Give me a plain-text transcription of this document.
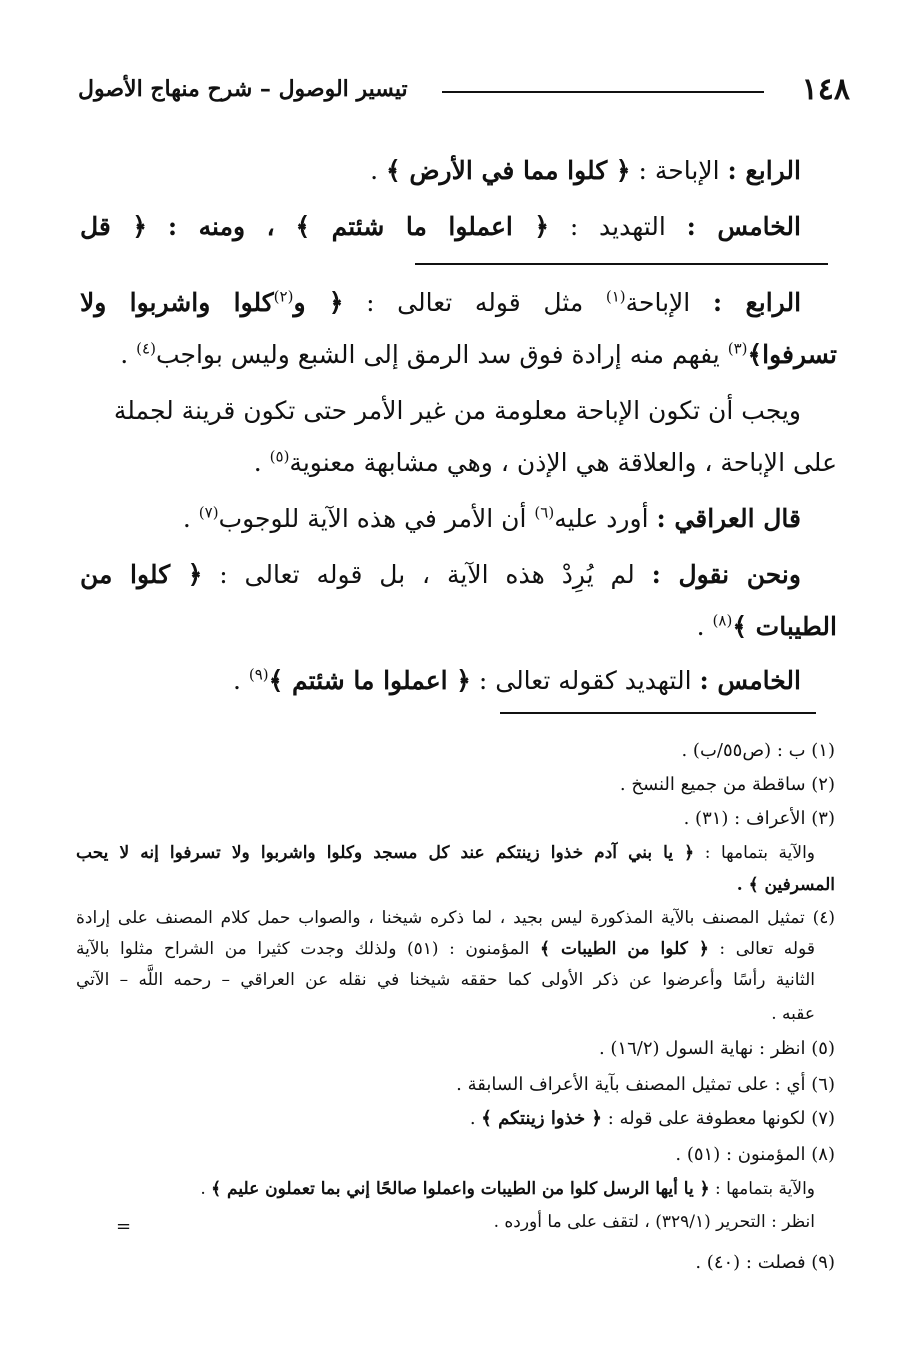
١٤٨
تيسير الوصول – شرح منهاج الأصول
الرابع : الإباحة : ﴿ كلوا مما في الأرض ﴾ .
الخامس : التهديد : ﴿ اعملوا ما شئتم ﴾ ، ومنه : ﴿ قل
الرابع : الإباحة$^{(١)}$ مثل قوله تعالى : ﴿ و$^{(٢)}$كلوا واشربوا ولا
تسرفوا﴾$^{(٣)}$ يفهم منه إرادة فوق سد الرمق إلى الشبع وليس بواجب$^{(٤)}$ .
ويجب أن تكون الإباحة معلومة من غير الأمر حتى تكون قرينة لجملة
على الإباحة ، والعلاقة هي الإذن ، وهي مشابهة معنوية$^{(٥)}$ .
قال العراقي : أورد عليه$^{(٦)}$ أن الأمر في هذه الآية للوجوب$^{(٧)}$ .
ونحن نقول : لم يُرِدْ هذه الآية ، بل قوله تعالى : ﴿ كلوا من
الطيبات ﴾$^{(٨)}$ .
الخامس : التهديد كقوله تعالى : ﴿ اعملوا ما شئتم ﴾$^{(٩)}$ .
(١) ب : (ص٥٥/ب) .
(٢) ساقطة من جميع النسخ .
(٣) الأعراف : (٣١) .
والآية بتمامها : ﴿ يا بني آدم خذوا زينتكم عند كل مسجد وكلوا واشربوا ولا تسرفوا إنه لا يحب
المسرفين ﴾ .
(٤) تمثيل المصنف بالآية المذكورة ليس بجيد ، لما ذكره شيخنا ، والصواب حمل كلام المصنف على إرادة
قوله تعالى : ﴿ كلوا من الطيبات ﴾ المؤمنون : (٥١) ولذلك وجدت كثيرا من الشراح مثلوا بالآية
الثانية رأسًا وأعرضوا عن ذكر الأولى كما حققه شيخنا في نقله عن العراقي – رحمه اللَّه – الآتي
عقبه .
(٥) انظر : نهاية السول (١٦/٢) .
(٦) أي : على تمثيل المصنف بآية الأعراف السابقة .
(٧) لكونها معطوفة على قوله : ﴿ خذوا زينتكم ﴾ .
(٨) المؤمنون : (٥١) .
والآية بتمامها : ﴿ يا أيها الرسل كلوا من الطيبات واعملوا صالحًا إني بما تعملون عليم ﴾ .
انظر : التحرير (٣٢٩/١) ، لتقف على ما أورده .
=
(٩) فصلت : (٤٠) .
